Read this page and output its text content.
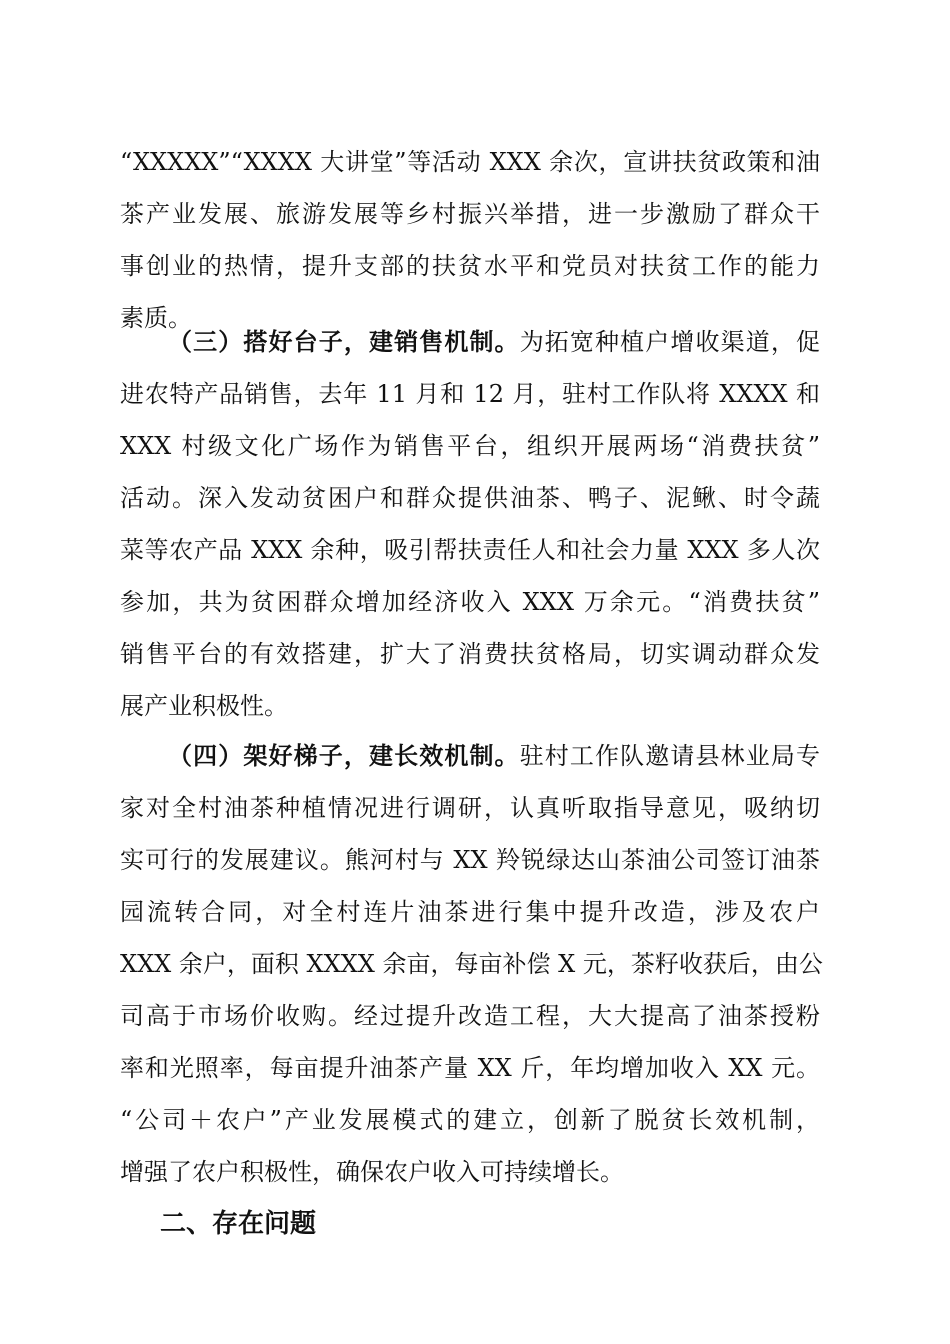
“XXXXX”“XXXX 大讲堂”等活动 XXX 余次，宣讲扶贫政策和油
茶产业发展、旅游发展等乡村振兴举措，进一步激励了群众干
事创业的热情，提升支部的扶贫水平和党员对扶贫工作的能力
素质。
（三）搭好台子，建销售机制。为拓宽种植户增收渠道，促
进农特产品销售，去年 11 月和 12 月，驻村工作队将 XXXX 和
XXX 村级文化广场作为销售平台，组织开展两场“消费扶贫”
活动。深入发动贫困户和群众提供油茶、鸭子、泥鳅、时令蔬
菜等农产品 XXX 余种，吸引帮扶责任人和社会力量 XXX 多人次
参加，共为贫困群众增加经济收入 XXX 万余元。“消费扶贫”
销售平台的有效搭建，扩大了消费扶贫格局，切实调动群众发
展产业积极性。
（四）架好梯子，建长效机制。驻村工作队邀请县林业局专
家对全村油茶种植情况进行调研，认真听取指导意见，吸纳切
实可行的发展建议。熊河村与 XX 羚锐绿达山茶油公司签订油茶
园流转合同，对全村连片油茶进行集中提升改造，涉及农户
XXX 余户，面积 XXXX 余亩，每亩补偿 X 元，茶籽收获后，由公
司高于市场价收购。经过提升改造工程，大大提高了油茶授粉
率和光照率，每亩提升油茶产量 XX 斤，年均增加收入 XX 元。
“公司＋农户”产业发展模式的建立，创新了脱贫长效机制，
增强了农户积极性，确保农户收入可持续增长。
二、存在问题
